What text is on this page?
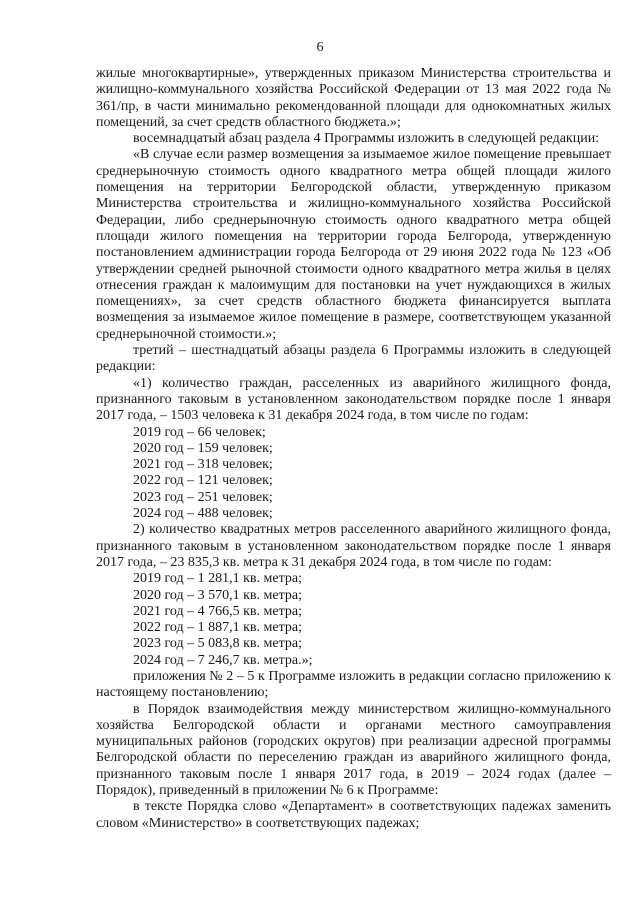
6

жилые многоквартирные», утвержденных приказом Министерства строительства и жилищно-коммунального хозяйства Российской Федерации от 13 мая 2022 года № 361/пр, в части минимально рекомендованной площади для однокомнатных жилых помещений, за счет средств областного бюджета.»;

восемнадцатый абзац раздела 4 Программы изложить в следующей редакции:

«В случае если размер возмещения за изымаемое жилое помещение превышает среднерыночную стоимость одного квадратного метра общей площади жилого помещения на территории Белгородской области, утвержденную приказом Министерства строительства и жилищно-коммунального хозяйства Российской Федерации, либо среднерыночную стоимость одного квадратного метра общей площади жилого помещения на территории города Белгорода, утвержденную постановлением администрации города Белгорода от 29 июня 2022 года № 123 «Об утверждении средней рыночной стоимости одного квадратного метра жилья в целях отнесения граждан к малоимущим для постановки на учет нуждающихся в жилых помещениях», за счет средств областного бюджета финансируется выплата возмещения за изымаемое жилое помещение в размере, соответствующем указанной среднерыночной стоимости.»;

третий – шестнадцатый абзацы раздела 6 Программы изложить в следующей редакции:

«1) количество граждан, расселенных из аварийного жилищного фонда, признанного таковым в установленном законодательством порядке после 1 января 2017 года, – 1503 человека к 31 декабря 2024 года, в том числе по годам:

2019 год – 66 человек;
2020 год – 159 человек;
2021 год – 318 человек;
2022 год – 121 человек;
2023 год – 251 человек;
2024 год – 488 человек;

2) количество квадратных метров расселенного аварийного жилищного фонда, признанного таковым в установленном законодательством порядке после 1 января 2017 года, – 23 835,3 кв. метра к 31 декабря 2024 года, в том числе по годам:

2019 год – 1 281,1 кв. метра;
2020 год – 3 570,1 кв. метра;
2021 год – 4 766,5 кв. метра;
2022 год – 1 887,1 кв. метра;
2023 год – 5 083,8 кв. метра;
2024 год – 7 246,7 кв. метра.»;

приложения № 2 – 5 к Программе изложить в редакции согласно приложению к настоящему постановлению;

в Порядок взаимодействия между министерством жилищно-коммунального хозяйства Белгородской области и органами местного самоуправления муниципальных районов (городских округов) при реализации адресной программы Белгородской области по переселению граждан из аварийного жилищного фонда, признанного таковым после 1 января 2017 года, в 2019 – 2024 годах (далее – Порядок), приведенный в приложении № 6 к Программе:

в тексте Порядка слово «Департамент» в соответствующих падежах заменить словом «Министерство» в соответствующих падежах;
